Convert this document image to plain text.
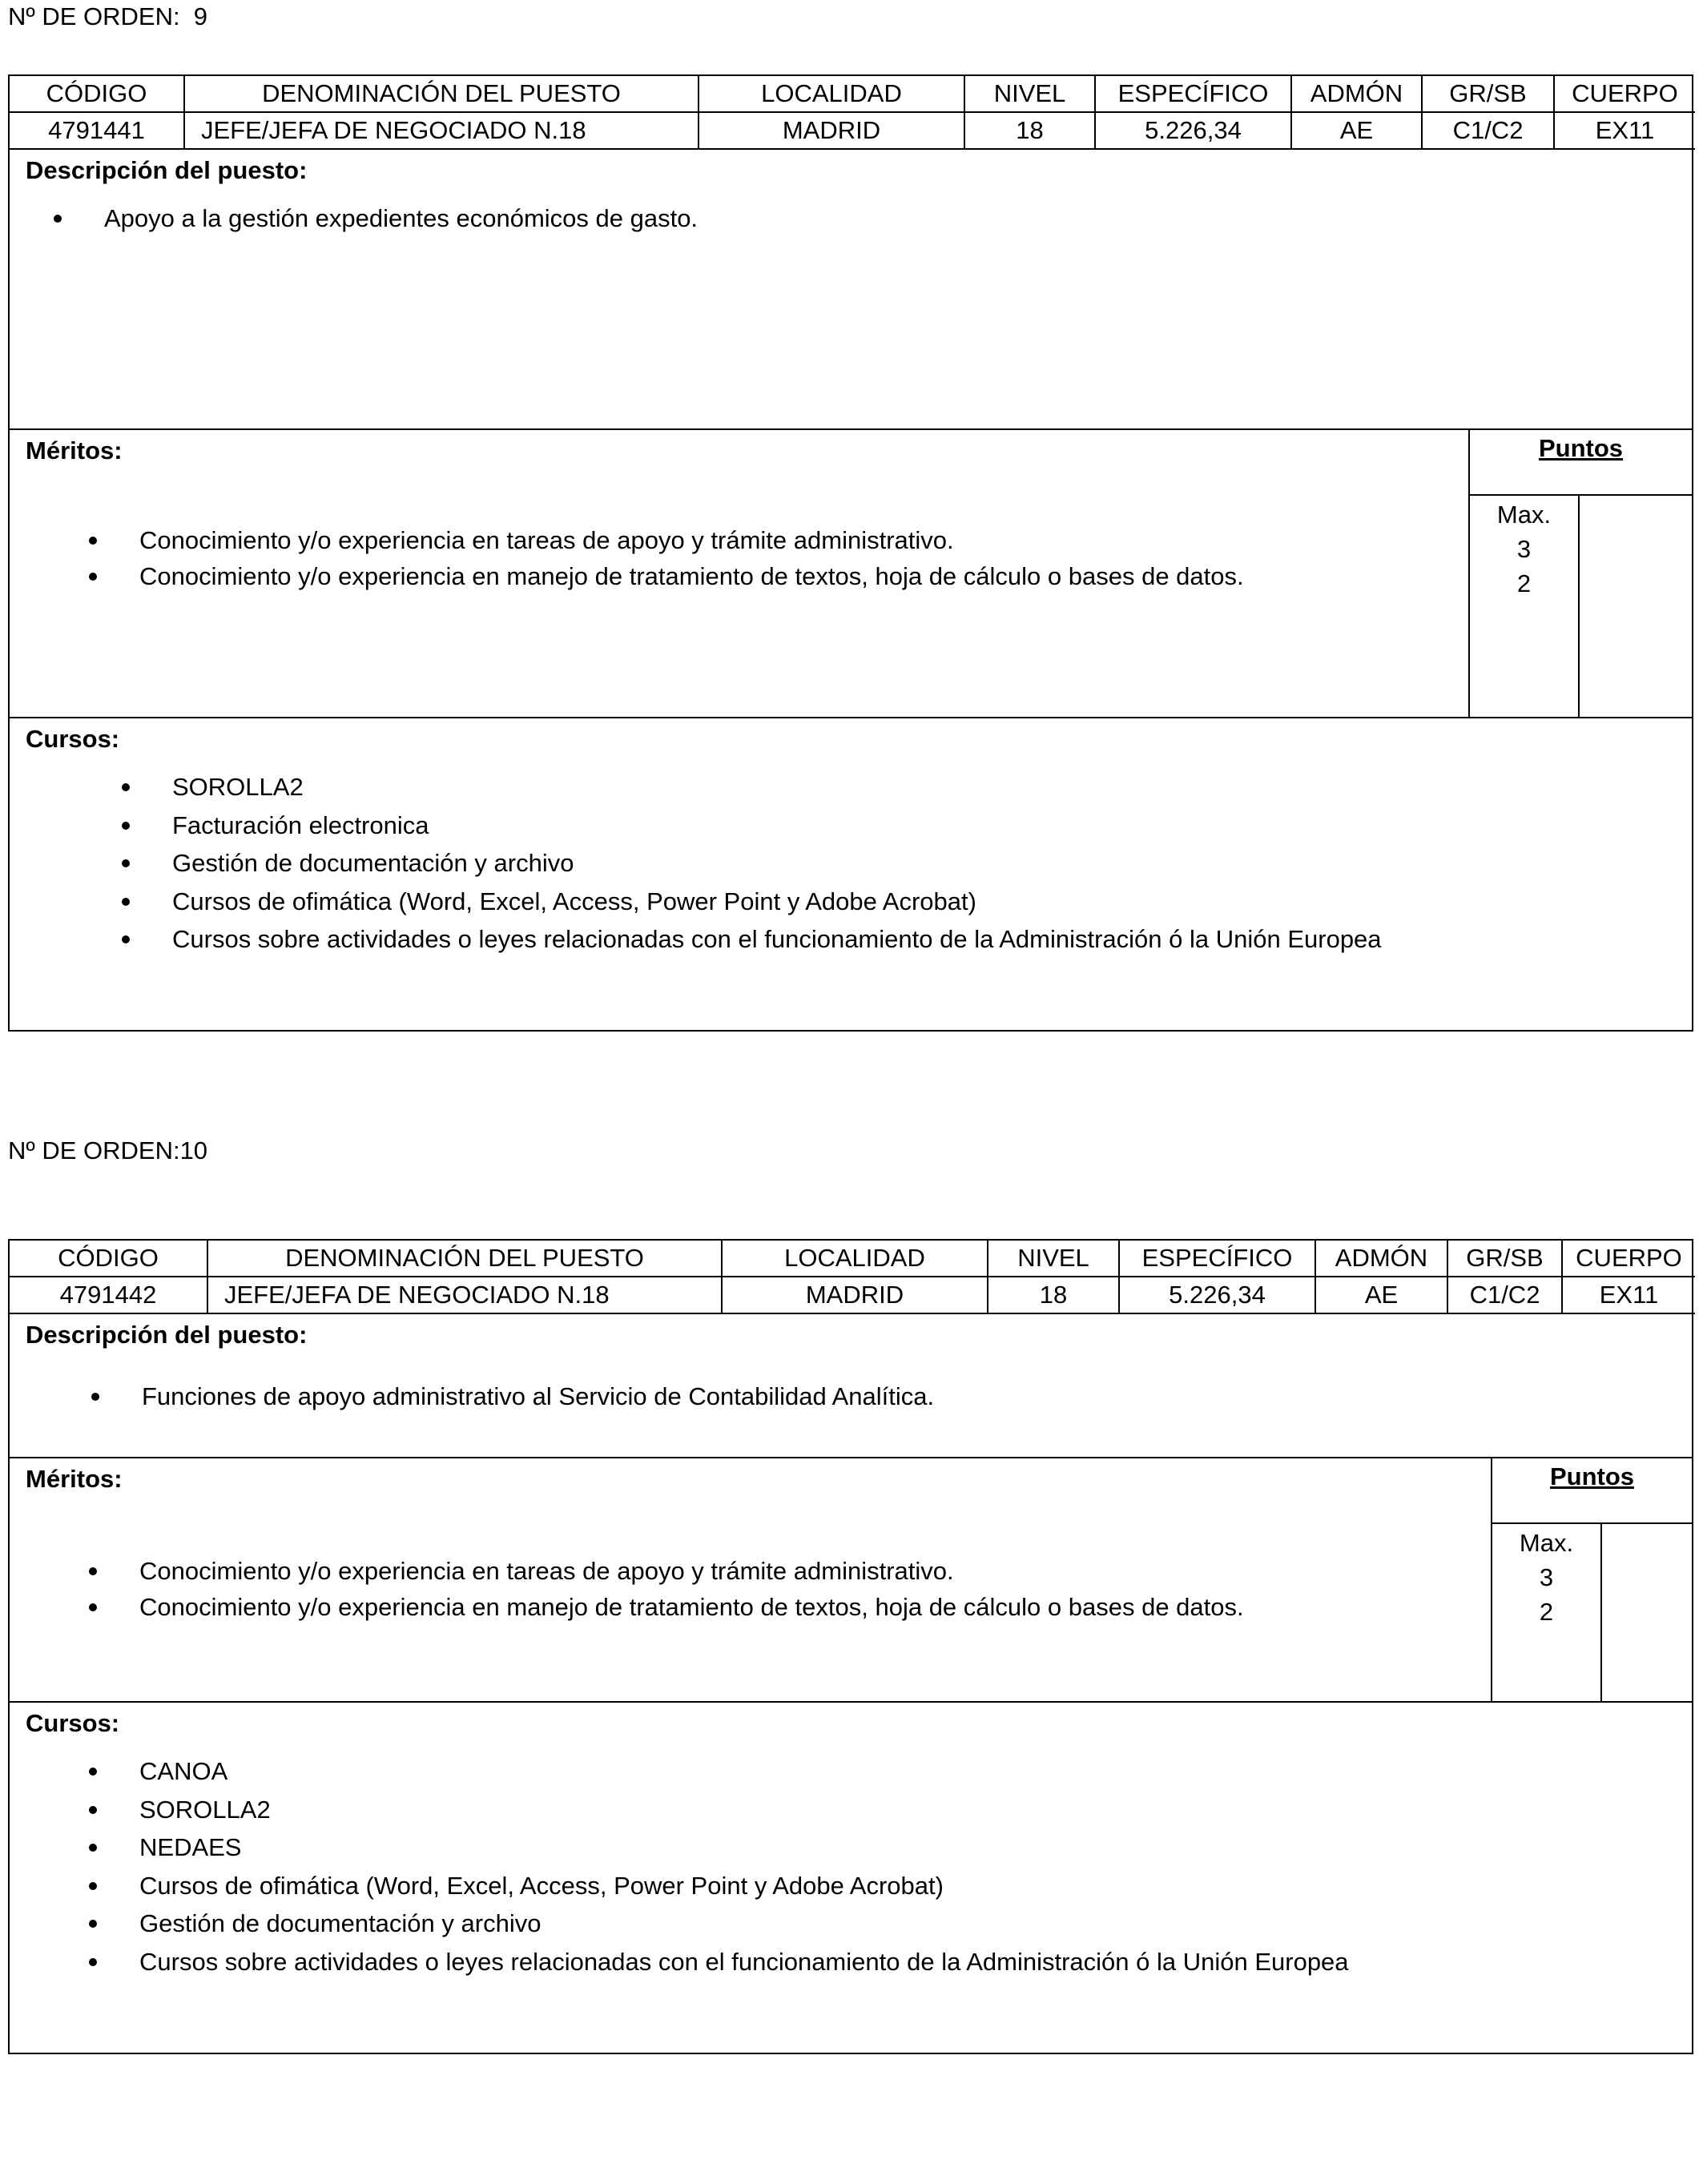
Nº DE ORDEN:  9
CÓDIGO	DENOMINACIÓN DEL PUESTO	LOCALIDAD	NIVEL	ESPECÍFICO	ADMÓN	GR/SB	CUERPO
4791441	JEFE/JEFA DE NEGOCIADO N.18	MADRID	18	5.226,34	AE	C1/C2	EX11
Descripción del puesto:
Apoyo a la gestión expedientes económicos de gasto.
Méritos:
Conocimiento y/o experiencia en tareas de apoyo y trámite administrativo.
Conocimiento y/o experiencia en manejo de tratamiento de textos, hoja de cálculo o bases de datos.
Puntos
Max.
3
2
Cursos:
SOROLLA2
Facturación electronica
Gestión de documentación y archivo
Cursos de ofimática (Word, Excel, Access, Power Point y Adobe Acrobat)
Cursos sobre actividades o leyes relacionadas con el funcionamiento de la Administración ó la Unión Europea
Nº DE ORDEN:10
CÓDIGO	DENOMINACIÓN DEL PUESTO	LOCALIDAD	NIVEL	ESPECÍFICO	ADMÓN	GR/SB	CUERPO
4791442	JEFE/JEFA DE NEGOCIADO N.18	MADRID	18	5.226,34	AE	C1/C2	EX11
Descripción del puesto:
Funciones de apoyo administrativo al Servicio de Contabilidad Analítica.
Méritos:
Conocimiento y/o experiencia en tareas de apoyo y trámite administrativo.
Conocimiento y/o experiencia en manejo de tratamiento de textos, hoja de cálculo o bases de datos.
Puntos
Max.
3
2
Cursos:
CANOA
SOROLLA2
NEDAES
Cursos de ofimática (Word, Excel, Access, Power Point y Adobe Acrobat)
Gestión de documentación y archivo
Cursos sobre actividades o leyes relacionadas con el funcionamiento de la Administración ó la Unión Europea
